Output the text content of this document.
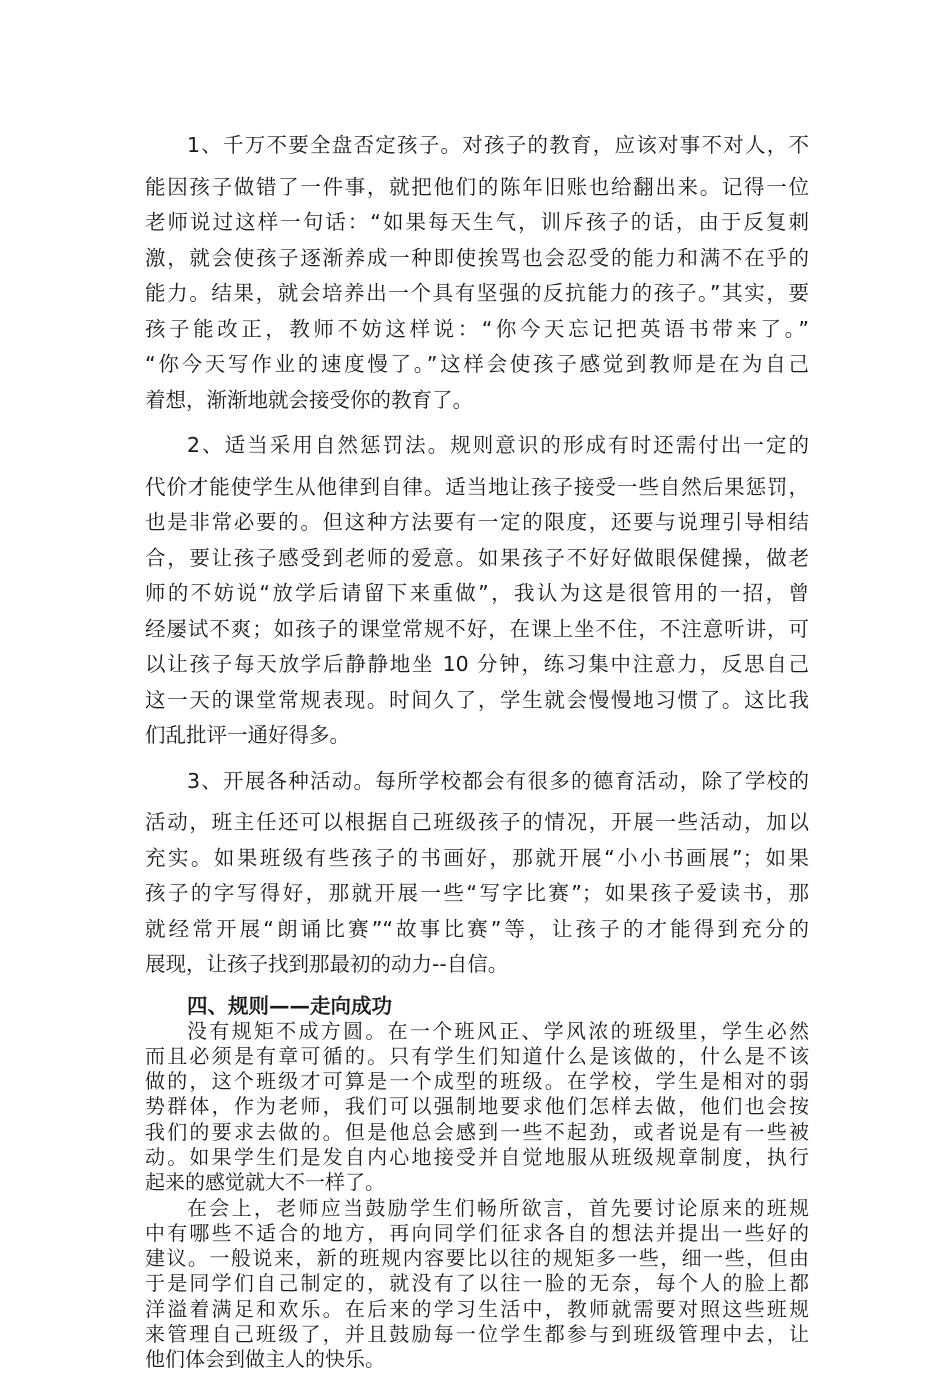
1、千万不要全盘否定孩子。对孩子的教育，应该对事不对人，不
能因孩子做错了一件事，就把他们的陈年旧账也给翻出来。记得一位
老师说过这样一句话：“如果每天生气，训斥孩子的话，由于反复刺
激，就会使孩子逐渐养成一种即使挨骂也会忍受的能力和满不在乎的
能力。结果，就会培养出一个具有坚强的反抗能力的孩子。”其实，要
孩子能改正，教师不妨这样说：“你今天忘记把英语书带来了。”
“你今天写作业的速度慢了。”这样会使孩子感觉到教师是在为自己
着想，渐渐地就会接受你的教育了。
2、适当采用自然惩罚法。规则意识的形成有时还需付出一定的
代价才能使学生从他律到自律。适当地让孩子接受一些自然后果惩罚，
也是非常必要的。但这种方法要有一定的限度，还要与说理引导相结
合，要让孩子感受到老师的爱意。如果孩子不好好做眼保健操，做老
师的不妨说“放学后请留下来重做”，我认为这是很管用的一招，曾
经屡试不爽；如孩子的课堂常规不好，在课上坐不住，不注意听讲，可
以让孩子每天放学后静静地坐 10 分钟，练习集中注意力，反思自己
这一天的课堂常规表现。时间久了，学生就会慢慢地习惯了。这比我
们乱批评一通好得多。
3、开展各种活动。每所学校都会有很多的德育活动，除了学校的
活动，班主任还可以根据自己班级孩子的情况，开展一些活动，加以
充实。如果班级有些孩子的书画好，那就开展“小小书画展”；如果
孩子的字写得好，那就开展一些“写字比赛”；如果孩子爱读书，那
就经常开展“朗诵比赛”“故事比赛”等，让孩子的才能得到充分的
展现，让孩子找到那最初的动力--自信。
四、规则——走向成功
没有规矩不成方圆。在一个班风正、学风浓的班级里，学生必然
而且必须是有章可循的。只有学生们知道什么是该做的，什么是不该
做的，这个班级才可算是一个成型的班级。在学校，学生是相对的弱
势群体，作为老师，我们可以强制地要求他们怎样去做，他们也会按
我们的要求去做的。但是他总会感到一些不起劲，或者说是有一些被
动。如果学生们是发自内心地接受并自觉地服从班级规章制度，执行
起来的感觉就大不一样了。
在会上，老师应当鼓励学生们畅所欲言，首先要讨论原来的班规
中有哪些不适合的地方，再向同学们征求各自的想法并提出一些好的
建议。一般说来，新的班规内容要比以往的规矩多一些，细一些，但由
于是同学们自己制定的，就没有了以往一脸的无奈，每个人的脸上都
洋溢着满足和欢乐。在后来的学习生活中，教师就需要对照这些班规
来管理自己班级了，并且鼓励每一位学生都参与到班级管理中去，让
他们体会到做主人的快乐。
